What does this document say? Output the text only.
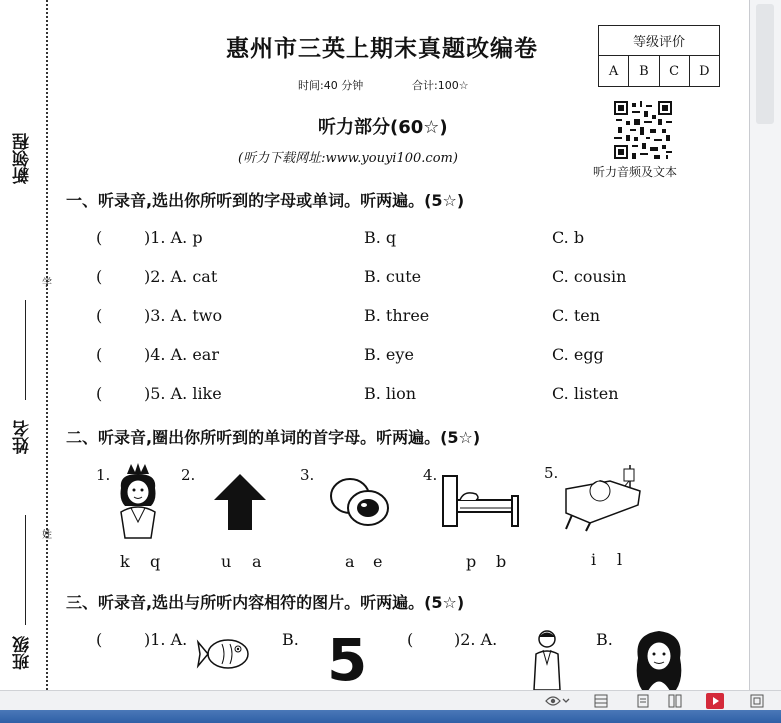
新领程
学
姓名
姓
班级
惠州市三英上期末真题改编卷
时间:40 分钟	合计:100☆
听力部分(60☆)
(听力下载网址:www.youyi100.com)
等级评价
A	B	C	D
听力音频及文本
一、听录音,选出你所听到的字母或单词。听两遍。(5☆)
(	)1. A. p	B. q	C. b
(	)2. A. cat	B. cute	C. cousin
(	)3. A. two	B. three	C. ten
(	)4. A. ear	B. eye	C. egg
(	)5. A. like	B. lion	C. listen
二、听录音,圈出你所听到的单词的首字母。听两遍。(5☆)
1.	2.	3.	4.	5.
k q	u a	a e	p b	i l
三、听录音,选出与所听内容相符的图片。听两遍。(5☆)
(	)1. A.	B.	(	)2. A.	B.
5
